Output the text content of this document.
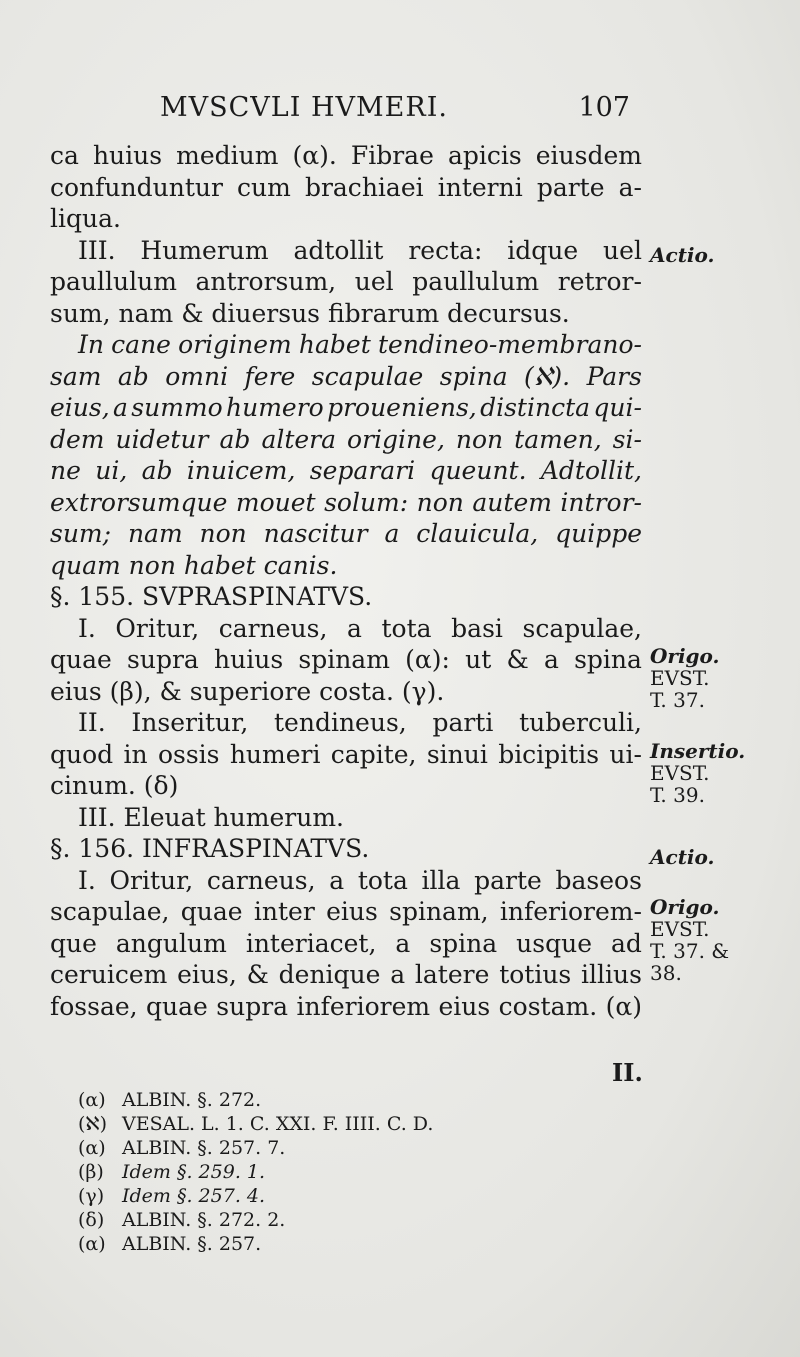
MVSCVLI HVMERI.	107
ca huius medium (α). Fibrae apicis eiusdem
confunduntur cum brachiaei interni parte a-
liqua.
III. Humerum adtollit recta: idque uel
paullulum antrorsum, uel paullulum retror-
sum, nam & diuersus fibrarum decursus.
In cane originem habet tendineo-membrano-
sam ab omni fere scapulae spina (ℵ). Pars
eius, a summo humero proueniens, distincta qui-
dem uidetur ab altera origine, non tamen, si-
ne ui, ab inuicem, separari queunt. Adtollit,
extrorsumque mouet solum: non autem intror-
sum; nam non nascitur a clauicula, quippe
quam non habet canis.
§. 155. SVPRASPINATVS.
I. Oritur, carneus, a tota basi scapulae,
quae supra huius spinam (α): ut & a spina
eius (β), & superiore costa. (γ).
II. Inseritur, tendineus, parti tuberculi,
quod in ossis humeri capite, sinui bicipitis ui-
cinum. (δ)
III. Eleuat humerum.
§. 156. INFRASPINATVS.
I. Oritur, carneus, a tota illa parte baseos
scapulae, quae inter eius spinam, inferiorem-
que angulum interiacet, a spina usque ad
ceruicem eius, & denique a latere totius illius
fossae, quae supra inferiorem eius costam. (α)
Actio.
Origo.
EVST.
T. 37.
Insertio.
EVST.
T. 39.
Actio.
Origo.
EVST.
T. 37. &
38.
II.
(α) ALBIN. §. 272.
(ℵ) VESAL. L. 1. C. XXI. F. IIII. C. D.
(α) ALBIN. §. 257. 7.
(β) Idem §. 259. 1.
(γ) Idem §. 257. 4.
(δ) ALBIN. §. 272. 2.
(α) ALBIN. §. 257.
